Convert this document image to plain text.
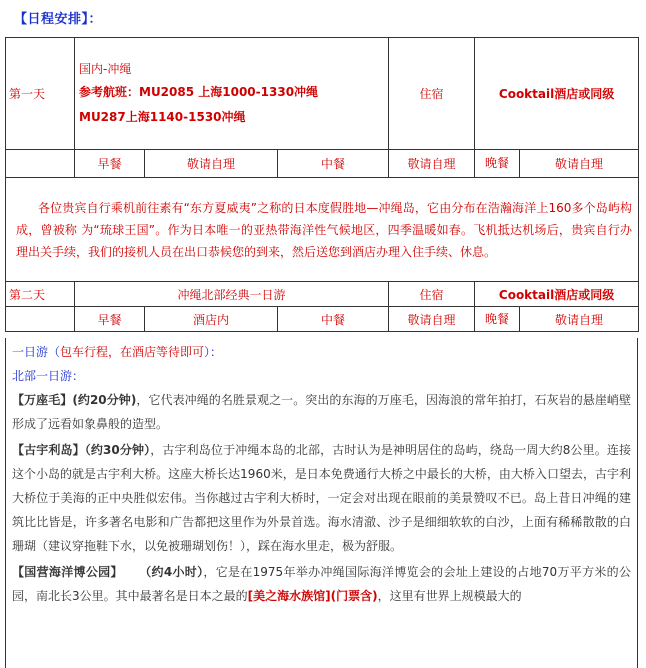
【日程安排】：
第一天	国内-冲绳
参考航班：MU2085 上海1000-1330冲绳
MU287上海1140-1530冲绳			住宿	Cooktail酒店或同级
	早餐	敬请自理	中餐	敬请自理	晚餐 敬请自理

各位贵宾自行乘机前往素有“东方夏威夷”之称的日本度假胜地—冲绳岛，它由分布在浩瀚海洋上160多个岛屿构成，曾被称 为“琉球王国”。作为日本唯一的亚热带海洋性气候地区，四季温暖如春。飞机抵达机场后，贵宾自行办理出关手续，我们的接机人员在出口恭候您的到来，然后送您到酒店办理入住手续、休息。					
第二天	冲绳北部经典一日游			住宿	Cooktail酒店或同级
	早餐	酒店内	中餐	敬请自理	晚餐 敬请自理
一日游（包车行程，在酒店等待即可）：
北部一日游：

【万座毛】(约20分钟)，它代表冲绳的名胜景观之一。突出的东海的万座毛，因海浪的常年拍打，石灰岩的悬崖峭壁形成了远看如象鼻般的造型。

【古宇利岛】（约30分钟），古宇利岛位于冲绳本岛的北部，古时认为是神明居住的岛屿，绕岛一周大约8公里。连接这个小岛的就是古宇利大桥。这座大桥长达1960米，是日本免费通行大桥之中最长的大桥，由大桥入口望去，古宇利大桥位于美海的正中央胜似宏伟。当你越过古宇利大桥时，一定会对出现在眼前的美景赞叹不已。岛上昔日冲绳的建筑比比皆是，许多著名电影和广告都把这里作为外景首选。海水清澈、沙子是细细软软的白沙，上面有稀稀散散的白珊瑚（建议穿拖鞋下水，以免被珊瑚划伤！），踩在海水里走，极为舒服。

【国营海洋博公园】 （约4小时），它是在1975年举办冲绳国际海洋博览会的会址上建设的占地70万平方米的公园，南北长3公里。其中最著名是日本之最的[美之海水族馆](门票含)，这里有世界上规模最大的
